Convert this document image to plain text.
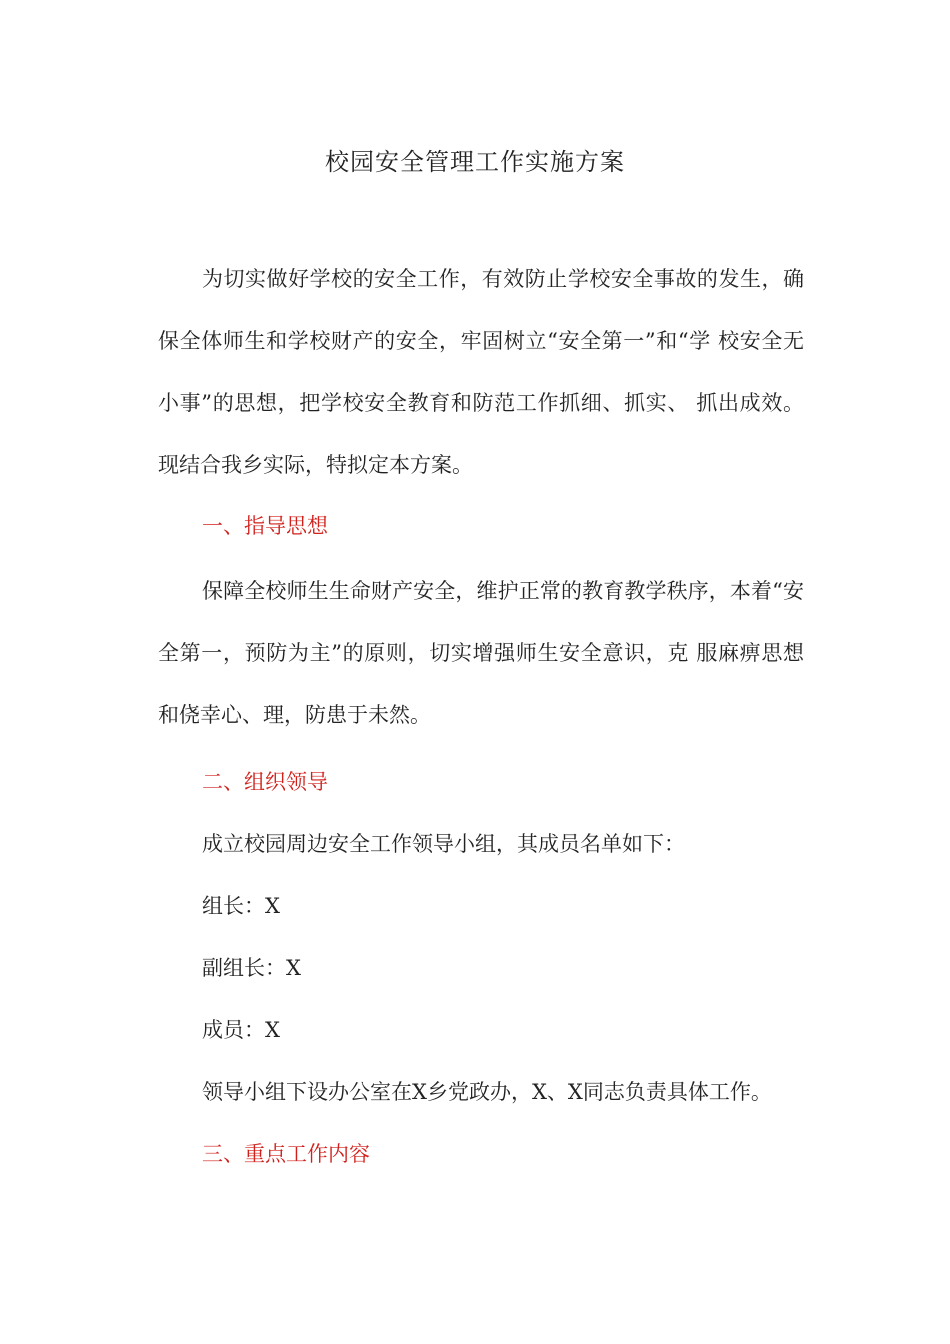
校园安全管理工作实施方案

为切实做好学校的安全工作，有效防止学校安全事故的发生，确保全体师生和学校财产的安全，牢固树立“安全第一”和“学 校安全无小事”的思想，把学校安全教育和防范工作抓细、抓实、 抓出成效。现结合我乡实际，特拟定本方案。

一、指导思想

保障全校师生生命财产安全，维护正常的教育教学秩序，本着“安全第一，预防为主”的原则，切实增强师生安全意识，克 服麻痹思想和侥幸心、理，防患于未然。

二、组织领导

成立校园周边安全工作领导小组，其成员名单如下：

组长：X

副组长：X

成员：X

领导小组下设办公室在X乡党政办，X、X同志负责具体工作。

三、重点工作内容
